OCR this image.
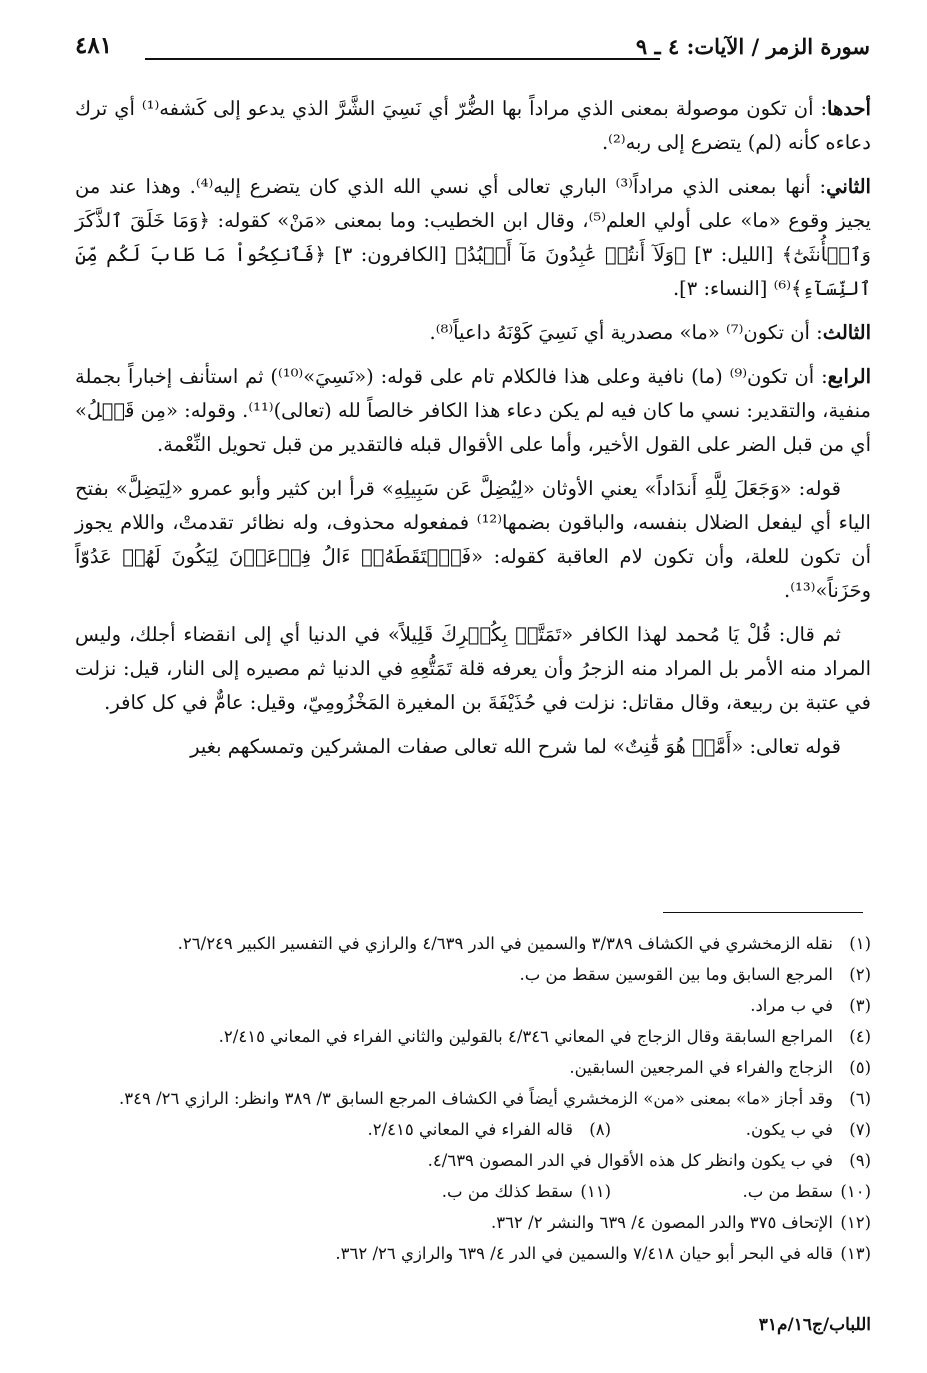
سورة الزمر / الآيات: ٤ ـ ٩
٤٨١

أحدها: أن تكون موصولة بمعنى الذي مراداً بها الضُّرّ أي نَسِيَ الشَّرَّ الذي يدعو إلى كَشفه⁽¹⁾ أي ترك دعاءه كأنه (لم) يتضرع إلى ربه⁽²⁾.

الثاني: أنها بمعنى الذي مراداً⁽³⁾ الباري تعالى أي نسي الله الذي كان يتضرع إليه⁽⁴⁾. وهذا عند من يجيز وقوع «ما» على أولي العلم⁽⁵⁾، وقال ابن الخطيب: وما بمعنى «مَنْ» كقوله: ﴿وَمَا خَلَقَ ٱلذَّكَرَ وَٱلۡأُنثَىٰٓ﴾ [الليل: ٣] ﴿وَلَآ أَنتُمۡ عَٰبِدُونَ مَآ أَعۡبُدُ﴾ [الكافرون: ٣] ﴿فَٱنكِحُواْ مَا طَابَ لَكُم مِّنَ ٱلنِّسَآءِ﴾⁽⁶⁾ [النساء: ٣].

الثالث: أن تكون⁽⁷⁾ «ما» مصدرية أي نَسِيَ كَوْنَهُ داعياً⁽⁸⁾.

الرابع: أن تكون⁽⁹⁾ (ما) نافية وعلى هذا فالكلام تام على قوله: («نَسِيَ»⁽¹⁰⁾) ثم استأنف إخباراً بجملة منفية، والتقدير: نسي ما كان فيه لم يكن دعاء هذا الكافر خالصاً لله (تعالى)⁽¹¹⁾. وقوله: «مِن قَبۡلُ» أي من قبل الضر على القول الأخير، وأما على الأقوال قبله فالتقدير من قبل تحويل النِّعْمة.

قوله: «وَجَعَلَ لِلَّهِ أَندَاداً» يعني الأوثان «لِيُضِلَّ عَن سَبِيلِهِ» قرأ ابن كثير وأبو عمرو «لِيَضِلَّ» بفتح الياء أي ليفعل الضلال بنفسه، والباقون بضمها⁽¹²⁾ فمفعوله محذوف، وله نظائر تقدمتْ، واللام يجوز أن تكون للعلة، وأن تكون لام العاقبة كقوله: «فَٱلۡتَقَطَهُۥٓ ءَالُ فِرۡعَوۡنَ لِيَكُونَ لَهُمۡ عَدُوّاً وحَزَناً»⁽¹³⁾.

ثم قال: قُلْ يَا مُحمد لهذا الكافر «تَمَتَّعۡ بِكُفۡرِكَ قَلِيلاً» في الدنيا أي إلى انقضاء أجلك، وليس المراد منه الأمر بل المراد منه الزجرُ وأن يعرفه قلة تَمَتُّعِهِ في الدنيا ثم مصيره إلى النار، قيل: نزلت في عتبة بن ربيعة، وقال مقاتل: نزلت في حُذَيْفَةَ بن المغيرة المَخْزُومِيّ، وقيل: عامٌّ في كل كافر.

قوله تعالى: «أَمَّنۡ هُوَ قَٰنِتٌ» لما شرح الله تعالى صفات المشركين وتمسكهم بغير

(١)
نقله الزمخشري في الكشاف ٣/٣٨٩ والسمين في الدر ٤/٦٣٩ والرازي في التفسير الكبير ٢٦/٢٤٩.
(٢)
المرجع السابق وما بين القوسين سقط من ب.
(٣)
في ب مراد.
(٤)
المراجع السابقة وقال الزجاج في المعاني ٤/٣٤٦ بالقولين والثاني الفراء في المعاني ٢/٤١٥.
(٥)
الزجاج والفراء في المرجعين السابقين.
(٦)
وقد أجاز «ما» بمعنى «من» الزمخشري أيضاً في الكشاف المرجع السابق ٣/ ٣٨٩ وانظر: الرازي ٢٦/ ٣٤٩.
(٧)
في ب يكون.
(٨)
قاله الفراء في المعاني ٢/٤١٥.
(٩)
في ب يكون وانظر كل هذه الأقوال في الدر المصون ٤/٦٣٩.
(١٠)
سقط من ب.
(١١)
سقط كذلك من ب.
(١٢)
الإتحاف ٣٧٥ والدر المصون ٤/ ٦٣٩ والنشر ٢/ ٣٦٢.
(١٣)
قاله في البحر أبو حيان ٧/٤١٨ والسمين في الدر ٤/ ٦٣٩ والرازي ٢٦/ ٣٦٢.
اللباب/ج١٦/م٣١
